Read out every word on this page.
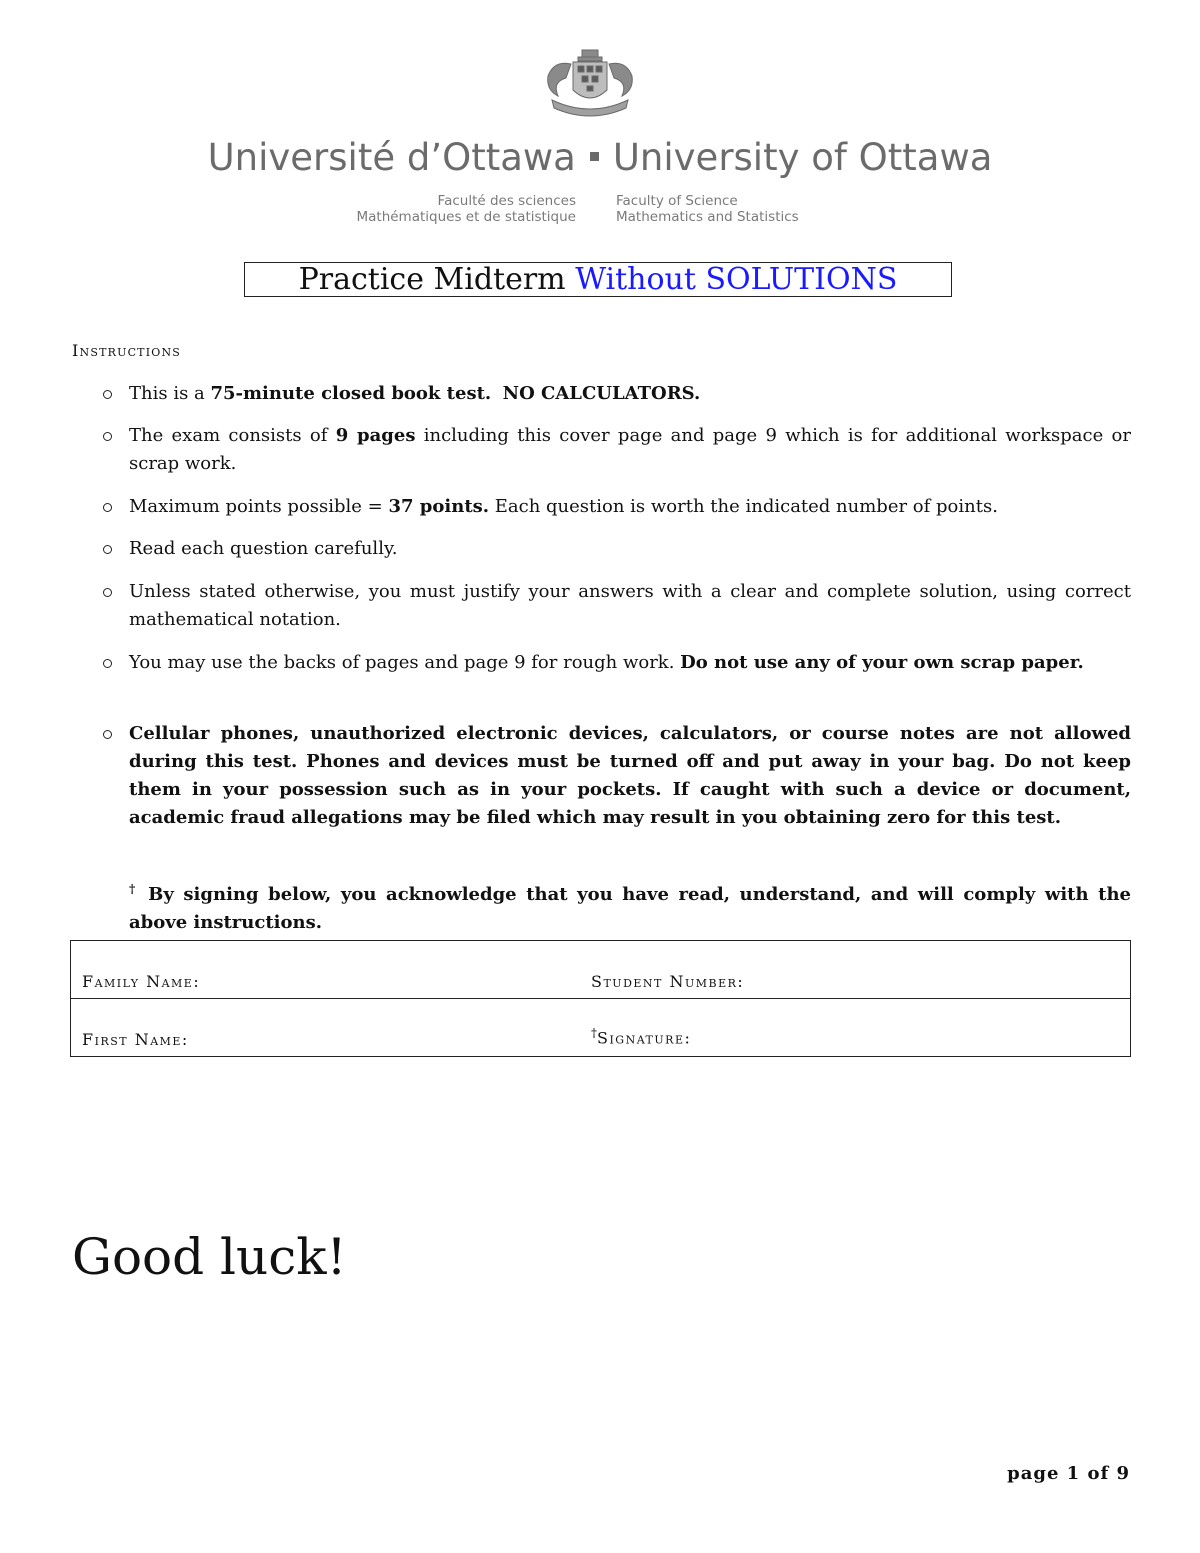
Université d’Ottawa University of Ottawa
Faculté des sciences
Mathématiques et de statistique
Faculty of Science
Mathematics and Statistics
Practice Midterm Without SOLUTIONS
Instructions
This is a 75-minute closed book test. NO CALCULATORS.
The exam consists of 9 pages including this cover page and page 9 which is for additional workspace or scrap work.
Maximum points possible = 37 points. Each question is worth the indicated number of points.
Read each question carefully.
Unless stated otherwise, you must justify your answers with a clear and complete solution, using correct mathematical notation.
You may use the backs of pages and page 9 for rough work. Do not use any of your own scrap paper.
Cellular phones, unauthorized electronic devices, calculators, or course notes are not allowed during this test. Phones and devices must be turned off and put away in your bag. Do not keep them in your possession such as in your pockets. If caught with such a device or document, academic fraud allegations may be filed which may result in you obtaining zero for this test.
† By signing below, you acknowledge that you have read, understand, and will comply with the above instructions.
Family Name:	Student Number:
First Name:	†Signature:
Good luck!
page 1 of 9
